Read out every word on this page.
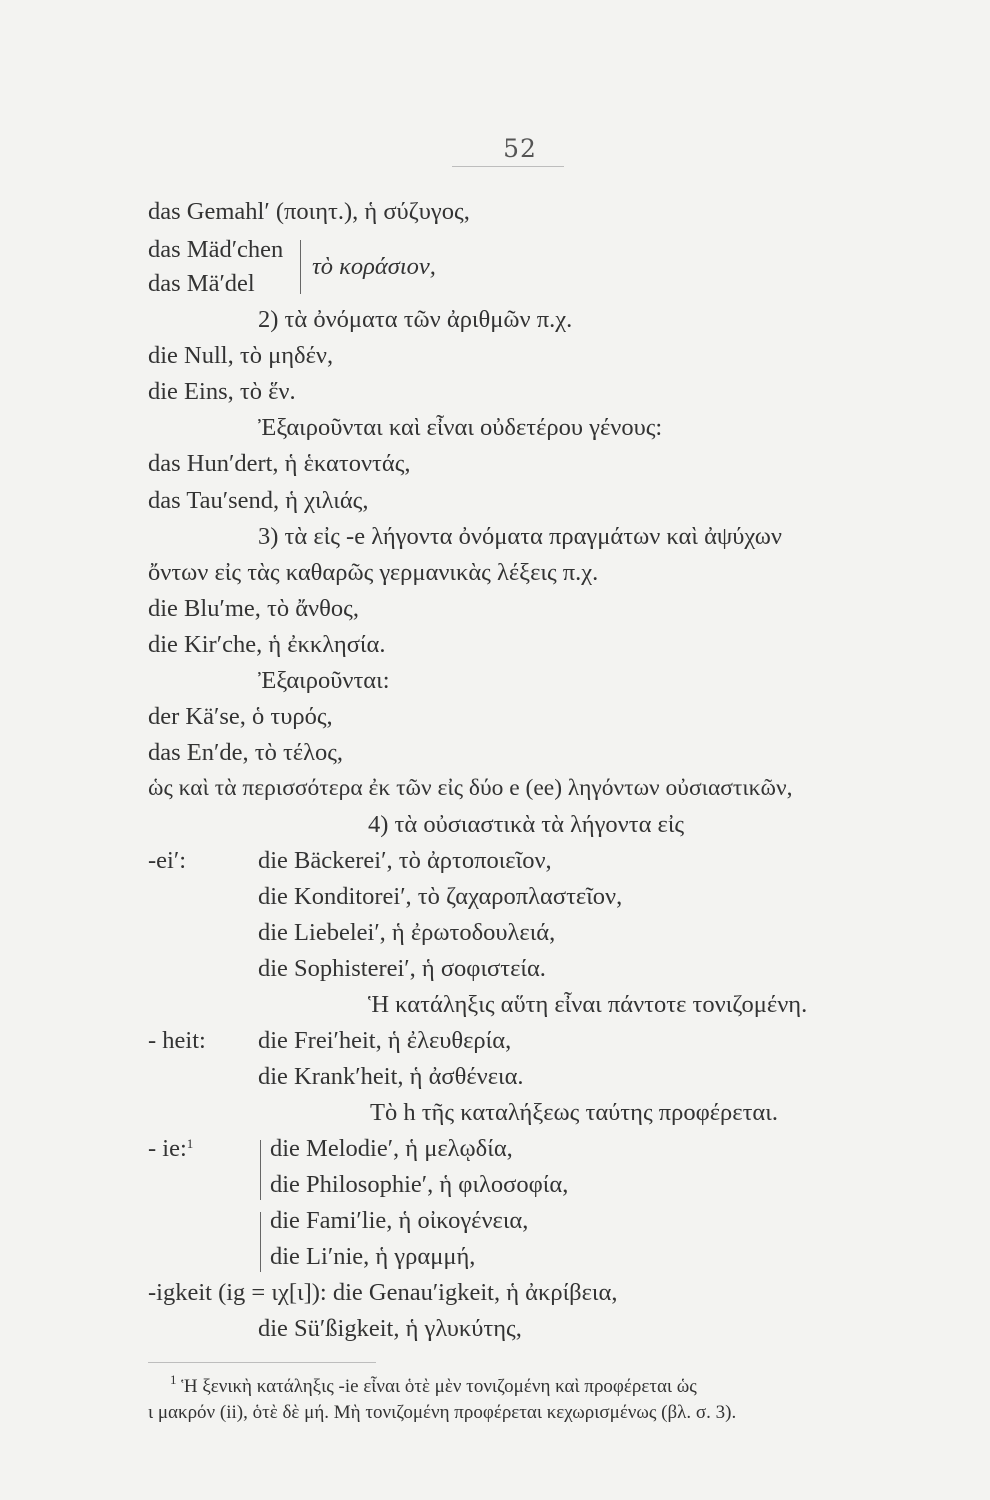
52
das Gemahl′ (ποιητ.), ἡ σύζυγος,
das Mäd′chen
das Mä′del
τὸ κοράσιον,
2) τὰ ὀνόματα τῶν ἀριθμῶν π.χ.
die Null, τὸ μηδέν,
die Eins, τὸ ἕν.
Ἐξαιροῦνται καὶ εἶναι οὐδετέρου γένους:
das Hun′dert, ἡ ἑκατοντάς,
das Tau′send, ἡ χιλιάς,
3) τὰ εἰς -e λήγοντα ὀνόματα πραγμάτων καὶ ἀψύχων
ὄντων εἰς τὰς καθαρῶς γερμανικὰς λέξεις π.χ.
die Blu′me, τὸ ἄνθος,
die Kir′che, ἡ ἐκκλησία.
Ἐξαιροῦνται:
der Kä′se, ὁ τυρός,
das En′de, τὸ τέλος,
ὡς καὶ τὰ περισσότερα ἐκ τῶν εἰς δύο e (ee) ληγόντων οὐσιαστικῶν,
4) τὰ οὐσιαστικὰ τὰ λήγοντα εἰς
-ei′:	die Bäckerei′, τὸ ἀρτοποιεῖον,
die Konditorei′, τὸ ζαχαροπλαστεῖον,
die Liebelei′, ἡ ἐρωτοδουλειά,
die Sophisterei′, ἡ σοφιστεία.
Ἡ κατάληξις αὕτη εἶναι πάντοτε τονιζομένη.
- heit: die Frei′heit, ἡ ἐλευθερία,
die Krank′heit, ἡ ἀσθένεια.
Τὸ h τῆς καταλήξεως ταύτης προφέρεται.
- ie:$^1$	die Melodie′, ἡ μελῳδία,
die Philosophie′, ἡ φιλοσοφία,
die Fami′lie, ἡ οἰκογένεια,
die Li′nie, ἡ γραμμή,
-igkeit (ig = ιχ[ι]): die Genau′igkeit, ἡ ἀκρίβεια,
die Sü′ßigkeit, ἡ γλυκύτης,
$^1$ Ἡ ξενικὴ κατάληξις -ie εἶναι ὁτὲ μὲν τονιζομένη καὶ προφέρεται ὡς
ι μακρόν (ii), ὁτὲ δὲ μή. Μὴ τονιζομένη προφέρεται κεχωρισμένως (βλ. σ. 3).
